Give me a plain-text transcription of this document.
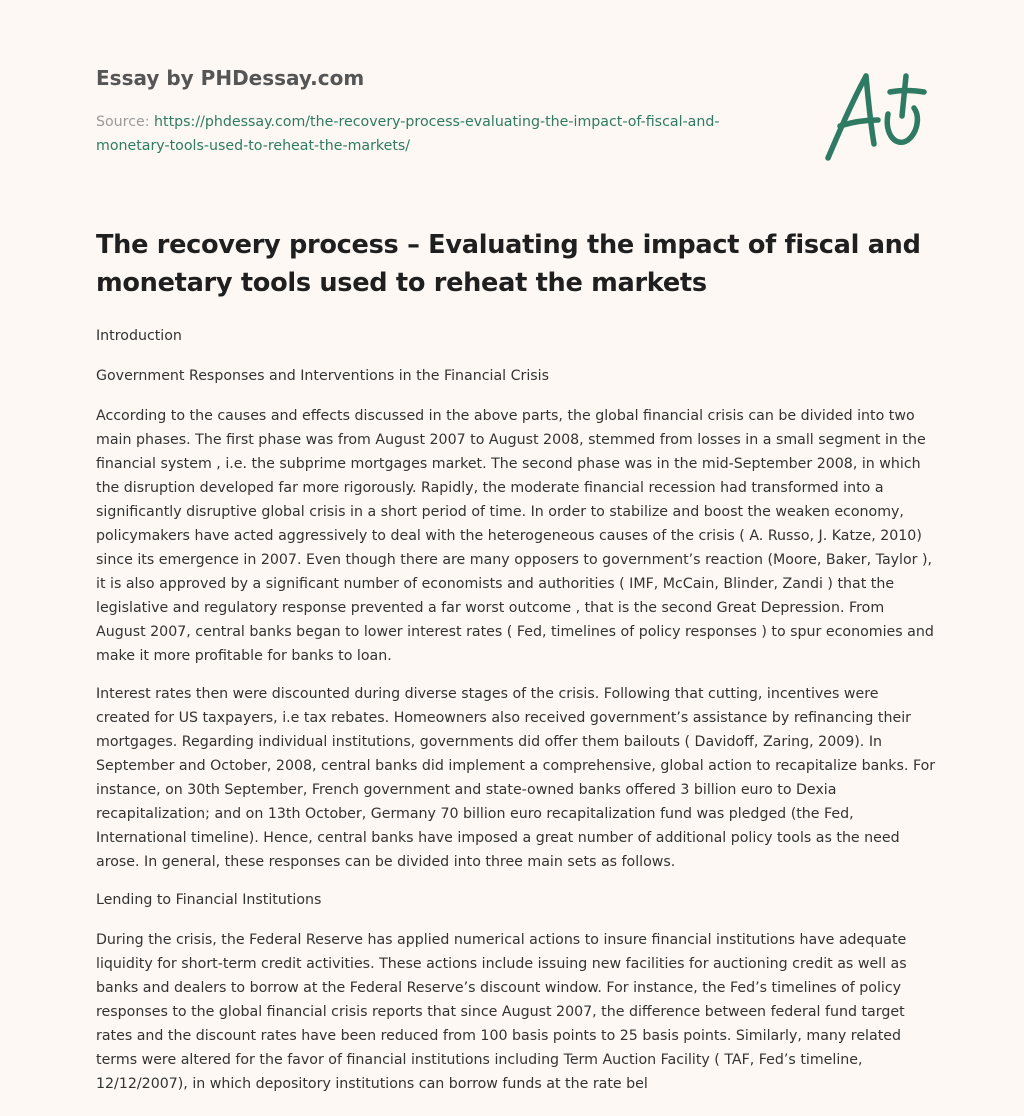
Essay by PHDessay.com
Source: https://phdessay.com/the-recovery-process-evaluating-the-impact-of-fiscal-and-
monetary-tools-used-to-reheat-the-markets/
The recovery process – Evaluating the impact of fiscal and monetary tools used to reheat the markets

Introduction

Government Responses and Interventions in the Financial Crisis

According to the causes and effects discussed in the above parts, the global financial crisis can be divided into two main phases. The first phase was from August 2007 to August 2008, stemmed from losses in a small segment in the financial system , i.e. the subprime mortgages market. The second phase was in the mid-September 2008, in which the disruption developed far more rigorously. Rapidly, the moderate financial recession had transformed into a significantly disruptive global crisis in a short period of time. In order to stabilize and boost the weaken economy, policymakers have acted aggressively to deal with the heterogeneous causes of the crisis ( A. Russo, J. Katze, 2010) since its emergence in 2007. Even though there are many opposers to government’s reaction (Moore, Baker, Taylor ), it is also approved by a significant number of economists and authorities ( IMF, McCain, Blinder, Zandi ) that the legislative and regulatory response prevented a far worst outcome , that is the second Great Depression. From August 2007, central banks began to lower interest rates ( Fed, timelines of policy responses ) to spur economies and make it more profitable for banks to loan.

Interest rates then were discounted during diverse stages of the crisis. Following that cutting, incentives were created for US taxpayers, i.e tax rebates. Homeowners also received government’s assistance by refinancing their mortgages. Regarding individual institutions, governments did offer them bailouts ( Davidoff, Zaring, 2009). In September and October, 2008, central banks did implement a comprehensive, global action to recapitalize banks. For instance, on 30th September, French government and state-owned banks offered 3 billion euro to Dexia recapitalization; and on 13th October, Germany 70 billion euro recapitalization fund was pledged (the Fed, International timeline). Hence, central banks have imposed a great number of additional policy tools as the need arose. In general, these responses can be divided into three main sets as follows.

Lending to Financial Institutions

During the crisis, the Federal Reserve has applied numerical actions to insure financial institutions have adequate liquidity for short-term credit activities. These actions include issuing new facilities for auctioning credit as well as banks and dealers to borrow at the Federal Reserve’s discount window. For instance, the Fed’s timelines of policy responses to the global financial crisis reports that since August 2007, the difference between federal fund target rates and the discount rates have been reduced from 100 basis points to 25 basis points. Similarly, many related terms were altered for the favor of financial institutions including Term Auction Facility ( TAF, Fed’s timeline, 12/12/2007), in which depository institutions can borrow funds at the rate bel
